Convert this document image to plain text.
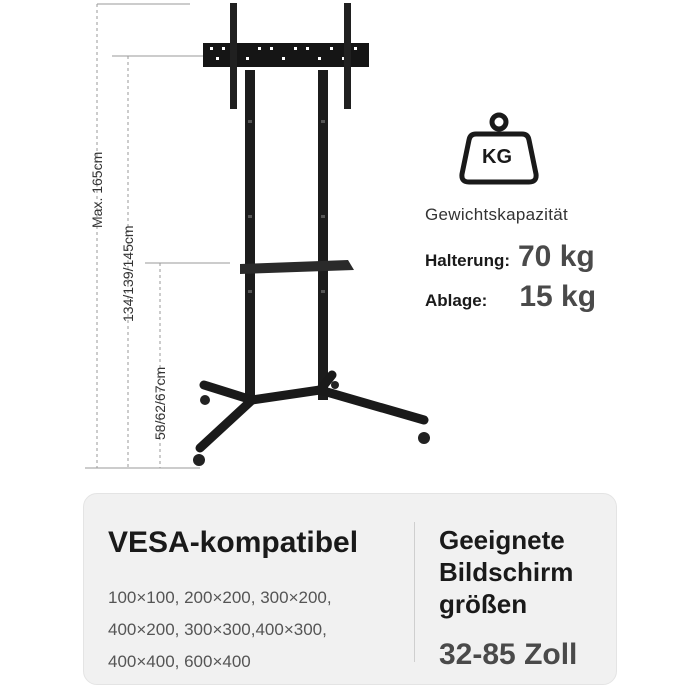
Max. 165cm
134/139/145cm
58/62/67cm
KG
Gewichtskapazität
Halterung: 70 kg
Ablage: 15 kg
VESA-kompatibel
100×100, 200×200, 300×200,
400×200, 300×300,400×300,
400×400, 600×400
Geeignete
Bildschirm
größen
32-85 Zoll
